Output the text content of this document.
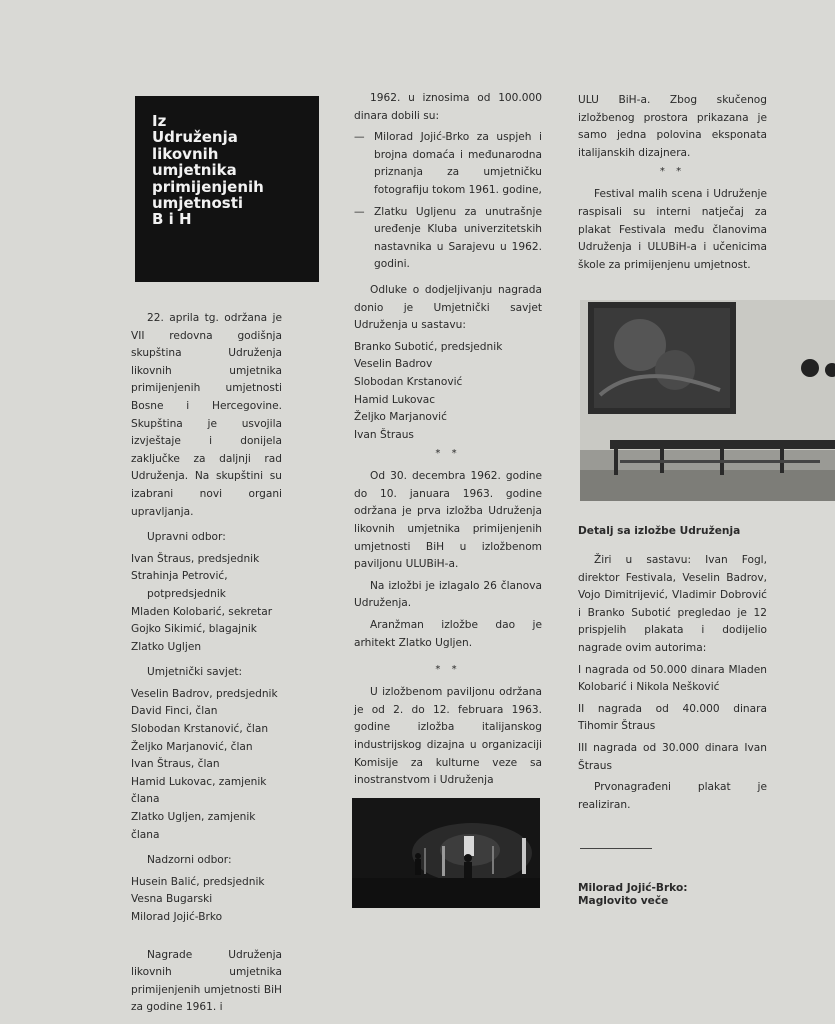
Iz
Udruženja
likovnih
umjetnika
primijenjenih
umjetnosti
B i H

22. aprila tg. održana je VII redovna godišnja skupština Udruženja likovnih umjetnika primijenjenih umjetnosti Bosne i Hercegovine. Skupština je usvojila izvještaje i donijela zaključke za daljnji rad Udruženja. Na skupštini su izabrani novi organi upravljanja.

Upravni odbor:

Ivan Štraus, predsjednik

Strahinja Petrović, potpredsjednik

Mladen Kolobarić, sekretar

Gojko Sikimić, blagajnik

Zlatko Ugljen

Umjetnički savjet:

Veselin Badrov, predsjednik

David Finci, član

Slobodan Krstanović, član

Željko Marjanović, član

Ivan Štraus, član

Hamid Lukovac, zamjenik člana

Zlatko Ugljen, zamjenik člana

Nadzorni odbor:

Husein Balić, predsjednik

Vesna Bugarski

Milorad Jojić-Brko

Nagrade Udruženja likovnih umjetnika primijenjenih umjetnosti BiH za godine 1961. i

1962. u iznosima od 100.000 dinara dobili su:

— Milorad Jojić-Brko za uspjeh i brojna domaća i međunarodna priznanja za umjetničku fotografiju tokom 1961. godine,
— Zlatku Ugljenu za unutrašnje uređenje Kluba univerzitetskih nastavnika u Sarajevu u 1962. godini.

Odluke o dodjeljivanju nagrada donio je Umjetnički savjet Udruženja u sastavu:

Branko Subotić, predsjednik

Veselin Badrov

Slobodan Krstanović

Hamid Lukovac

Željko Marjanović

Ivan Štraus

* *

Od 30. decembra 1962. godine do 10. januara 1963. godine održana je prva izložba Udruženja likovnih umjetnika primijenjenih umjetnosti BiH u izložbenom paviljonu ULUBiH-a.

Na izložbi je izlagalo 26 članova Udruženja.

Aranžman izložbe dao je arhitekt Zlatko Ugljen.

* *

U izložbenom paviljonu održana je od 2. do 12. februara 1963. godine izložba italijanskog industrijskog dizajna u organizaciji Komisije za kulturne veze sa inostranstvom i Udruženja

ULU BiH-a. Zbog skučenog izložbenog prostora prikazana je samo jedna polovina eksponata italijanskih dizajnera.

* *

Festival malih scena i Udruženje raspisali su interni natječaj za plakat Festivala među članovima Udruženja i ULUBiH-a i učenicima škole za primijenjenu umjetnost.

Detalj sa izložbe Udruženja

Žiri u sastavu: Ivan Fogl, direktor Festivala, Veselin Badrov, Vojo Dimitrijević, Vladimir Dobrović i Branko Subotić pregledao je 12 prispjelih plakata i dodijelio nagrade ovim autorima:

I nagrada od 50.000 dinara Mladen Kolobarić i Nikola Nešković

II nagrada od 40.000 dinara Tihomir Štraus

III nagrada od 30.000 dinara Ivan Štraus

Prvonagrađeni plakat je realiziran.

Milorad Jojić-Brko:
Maglovito veče
